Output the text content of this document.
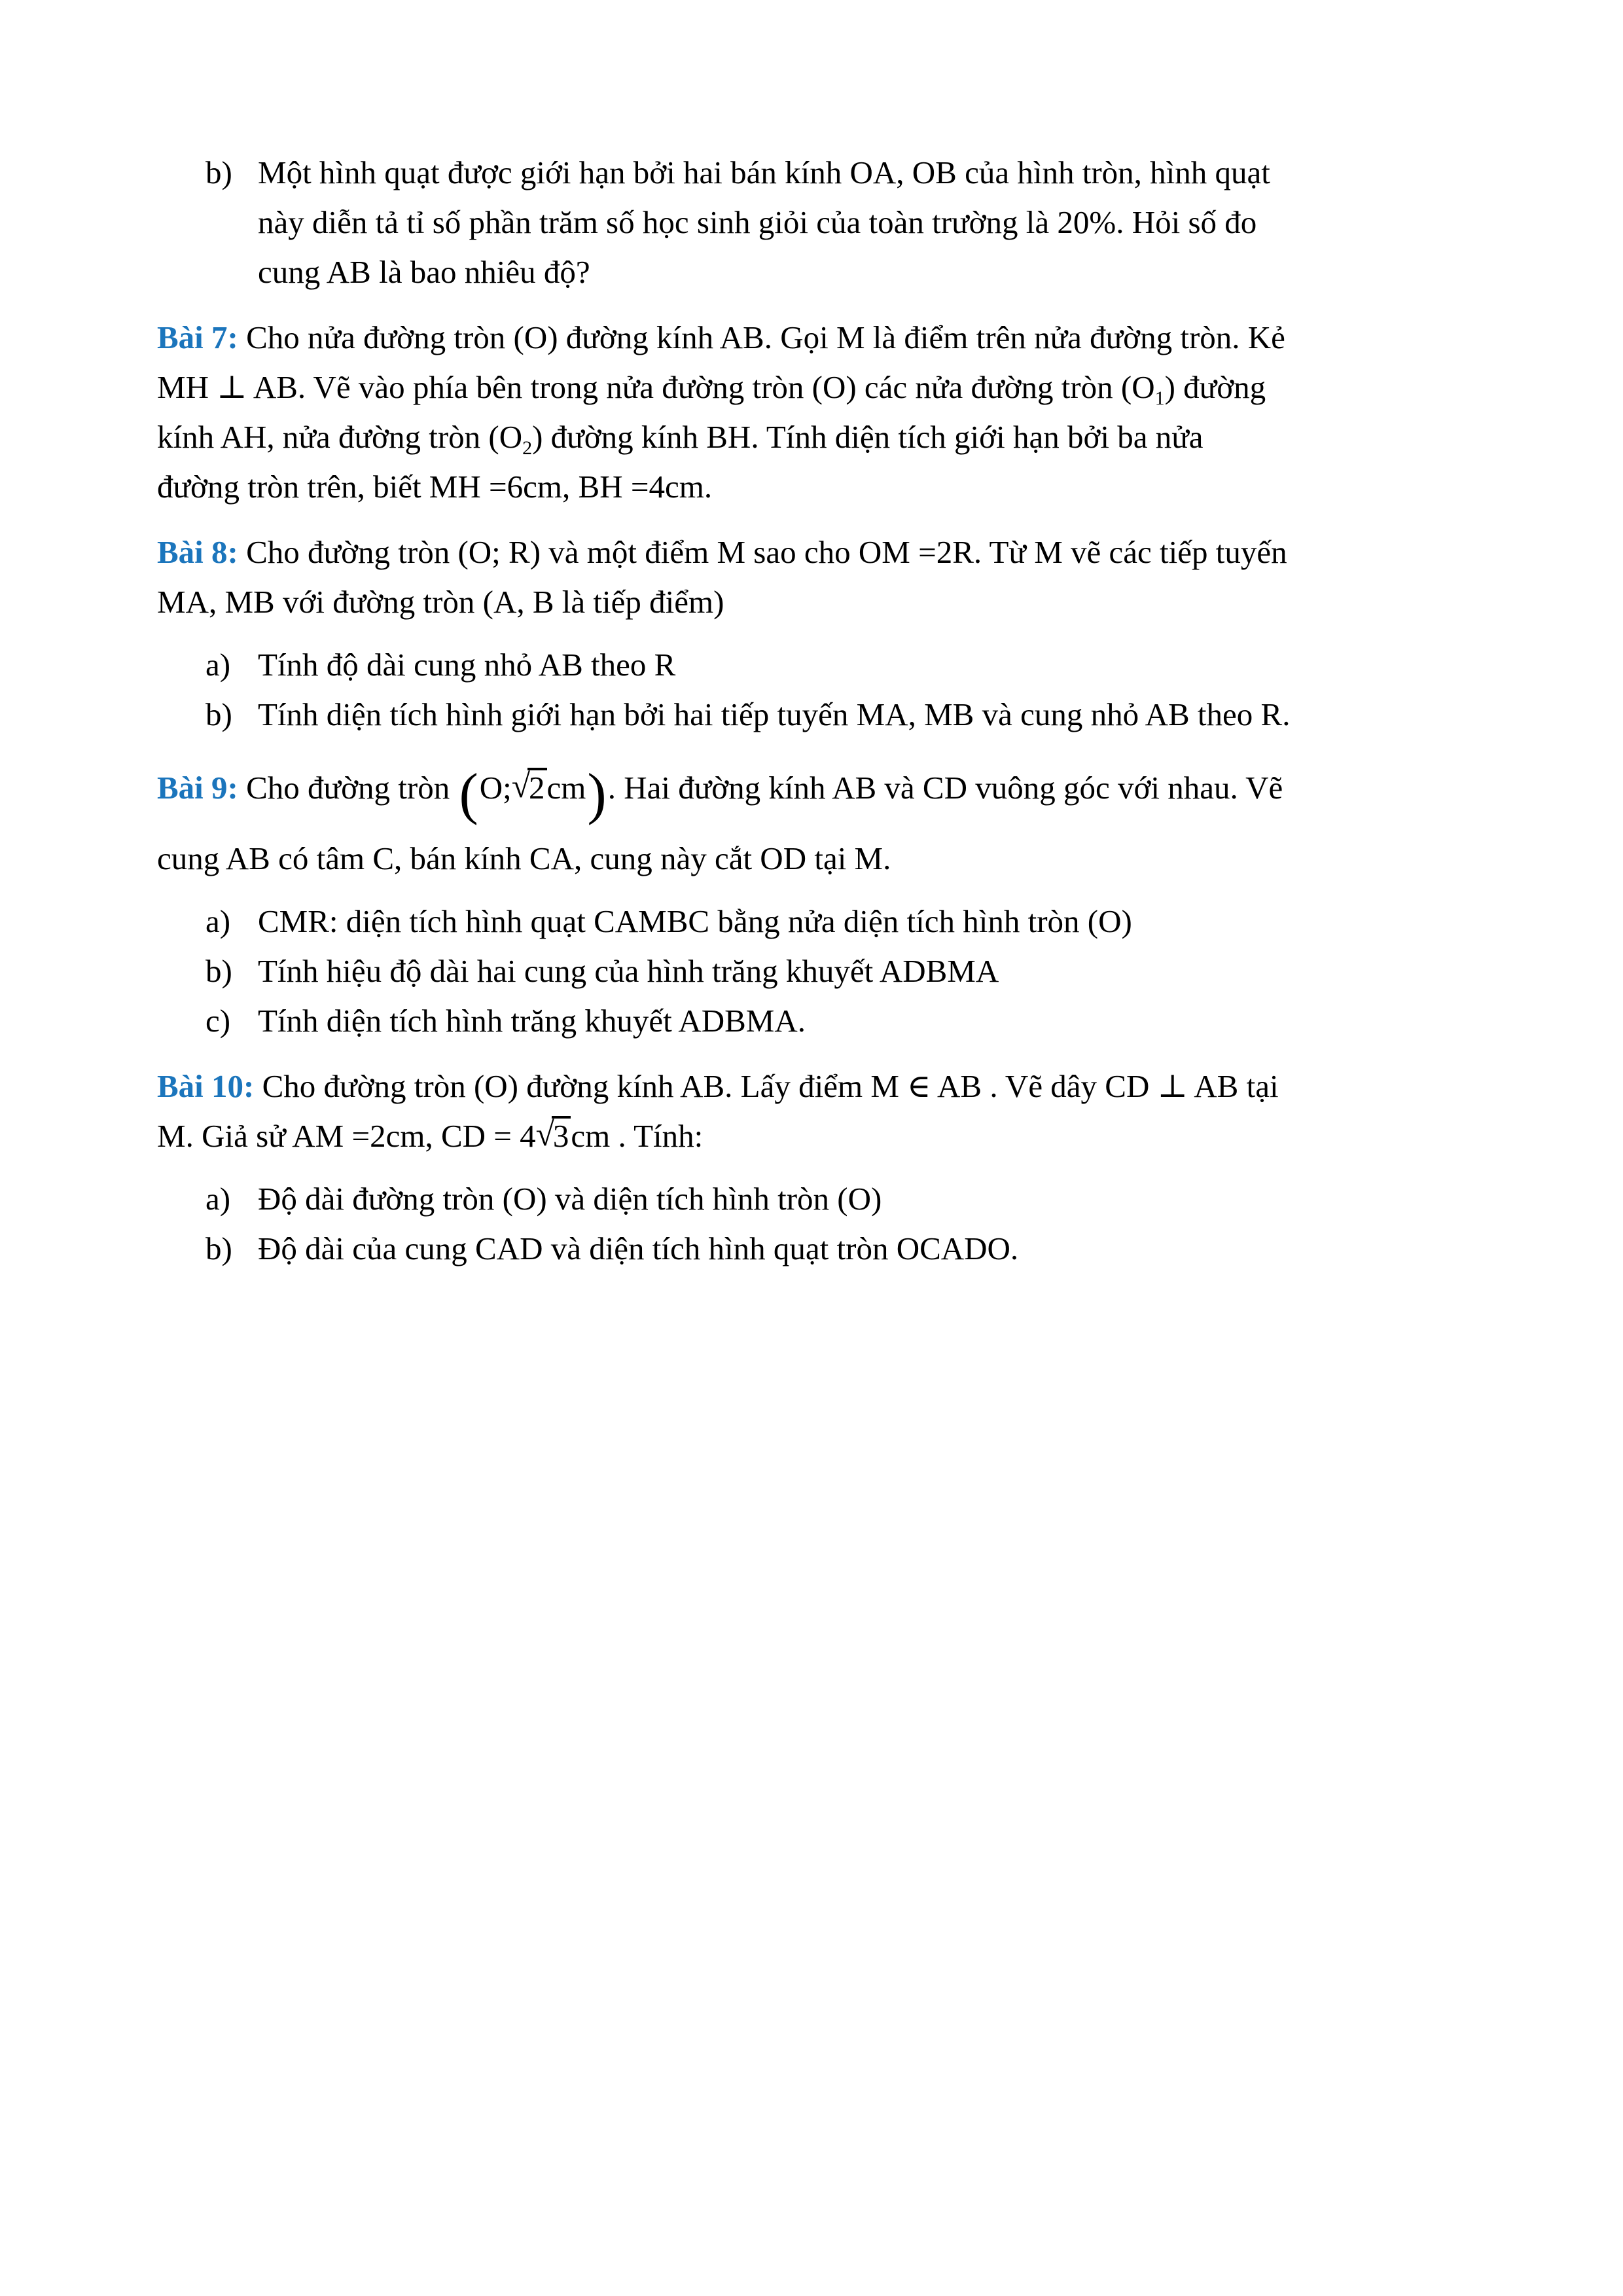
b) Một hình quạt được giới hạn bởi hai bán kính OA, OB của hình tròn, hình quạt
này diễn tả tỉ số phần trăm số học sinh giỏi của toàn trường là 20%. Hỏi số đo
cung AB là bao nhiêu độ?
Bài 7: Cho nửa đường tròn (O) đường kính AB. Gọi M là điểm trên nửa đường tròn. Kẻ
MH ⊥ AB. Vẽ vào phía bên trong nửa đường tròn (O) các nửa đường tròn $(O_1)$ đường
kính AH, nửa đường tròn $(O_2)$ đường kính BH. Tính diện tích giới hạn bởi ba nửa
đường tròn trên, biết MH =6cm, BH =4cm.
Bài 8: Cho đường tròn (O; R) và một điểm M sao cho OM =2R. Từ M vẽ các tiếp tuyến
MA, MB với đường tròn (A, B là tiếp điểm)
a) Tính độ dài cung nhỏ AB theo R
b) Tính diện tích hình giới hạn bởi hai tiếp tuyến MA, MB và cung nhỏ AB theo R.
Bài 9: Cho đường tròn (O;√2cm). Hai đường kính AB và CD vuông góc với nhau. Vẽ
cung AB có tâm C, bán kính CA, cung này cắt OD tại M.
a) CMR: diện tích hình quạt CAMBC bằng nửa diện tích hình tròn (O)
b) Tính hiệu độ dài hai cung của hình trăng khuyết ADBMA
c) Tính diện tích hình trăng khuyết ADBMA.
Bài 10: Cho đường tròn (O) đường kính AB. Lấy điểm M ∈ AB . Vẽ dây CD ⊥ AB tại
M. Giả sử AM =2cm, CD = 4√3cm . Tính:
a) Độ dài đường tròn (O) và diện tích hình tròn (O)
b) Độ dài của cung CAD và diện tích hình quạt tròn OCADO.
